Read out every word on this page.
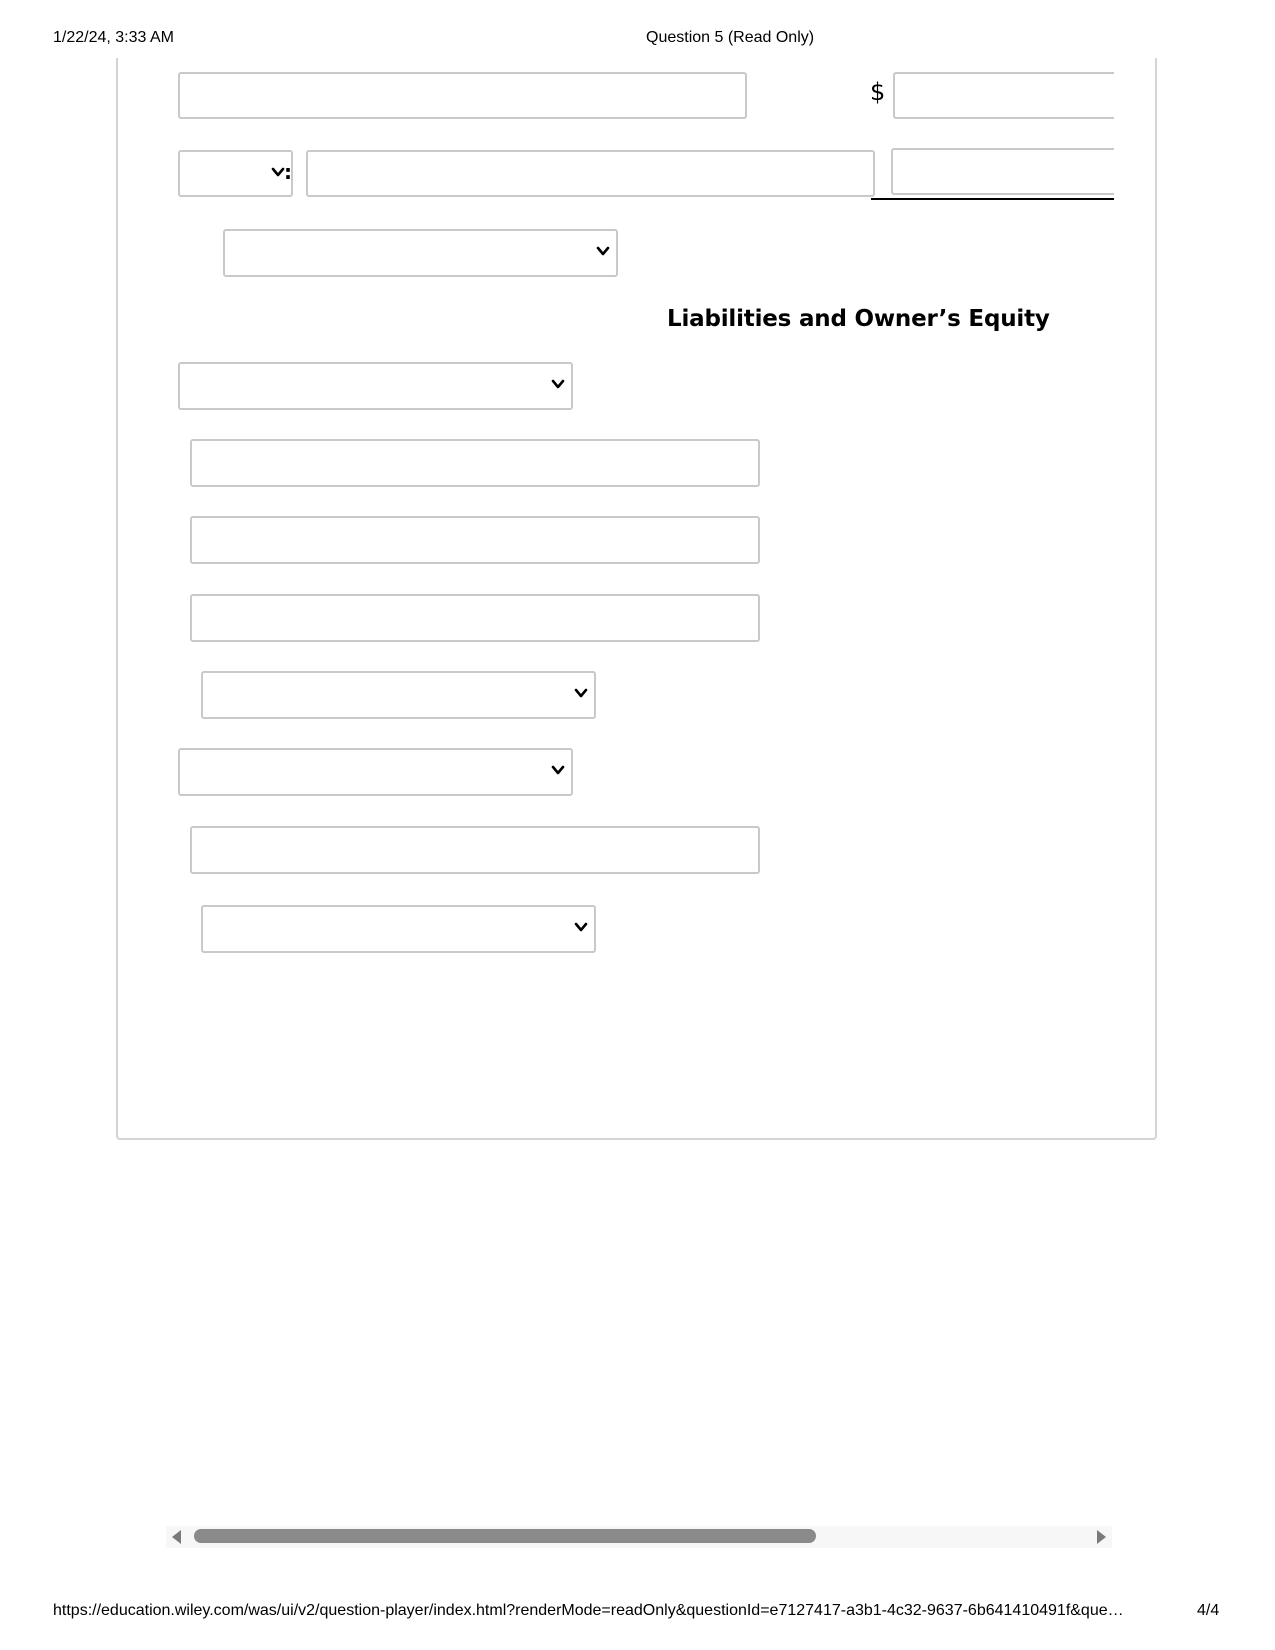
1/22/24, 3:33 AM	Question 5 (Read Only)
$
:
Liabilities and Owner’s Equity
https://education.wiley.com/was/ui/v2/question-player/index.html?renderMode=readOnly&questionId=e7127417-a3b1-4c32-9637-6b641410491f&que…	4/4
